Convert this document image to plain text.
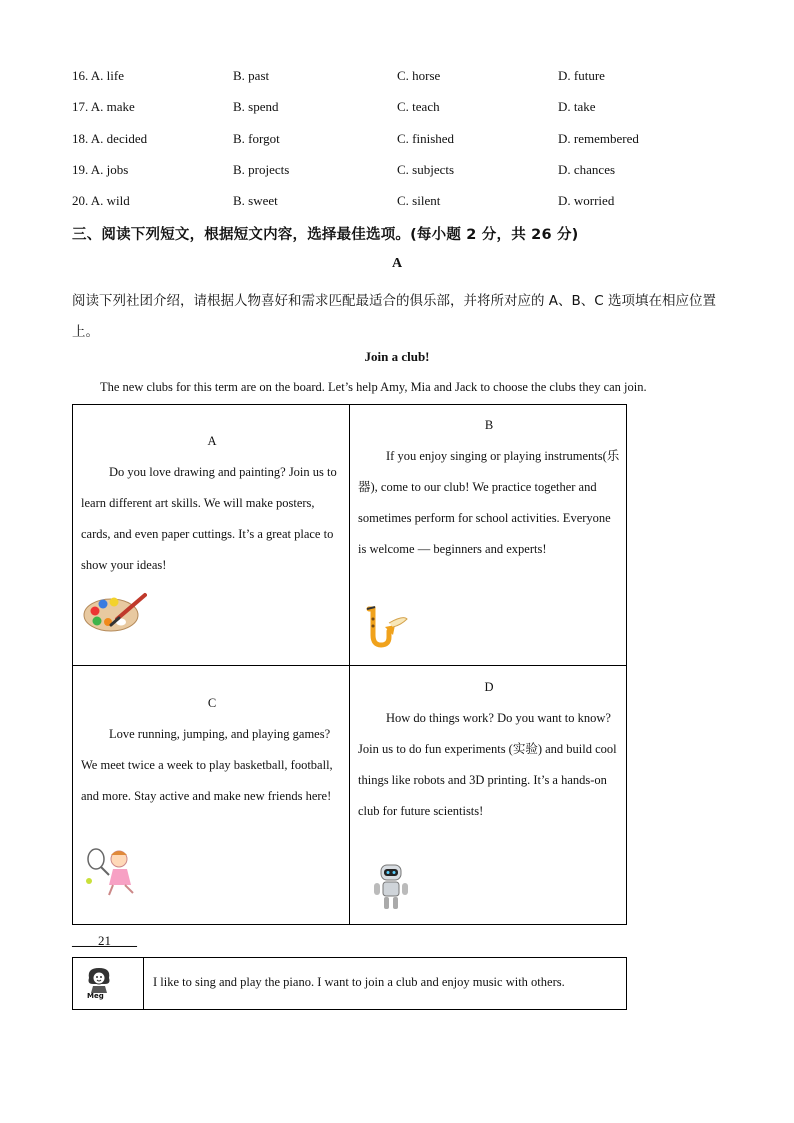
16. A. life	B. past	C. horse	D. future
17. A. make	B. spend	C. teach	D. take
18. A. decided	B. forgot	C. finished	D. remembered
19. A. jobs	B. projects	C. subjects	D. chances
20. A. wild	B. sweet	C. silent	D. worried
三、阅读下列短文，根据短文内容，选择最佳选项。(每小题 2 分，共 26 分)
A
阅读下列社团介绍，请根据人物喜好和需求匹配最适合的俱乐部，并将所对应的 A、B、C 选项填在相应位置上。
Join a club!
The new clubs for this term are on the board. Let’s help Amy, Mia and Jack to choose the clubs they can join.
A
Do you love drawing and painting? Join us to learn different art skills. We will make posters, cards, and even paper cuttings. It’s a great place to show your ideas!
B
If you enjoy singing or playing instruments(乐器), come to our club! We practice together and sometimes perform for school activities. Everyone is welcome — beginners and experts!
C
Love running, jumping, and playing games? We meet twice a week to play basketball, football, and more. Stay active and make new friends here!
D
How do things work? Do you want to know? Join us to do fun experiments (实验) and build cool things like robots and 3D printing. It’s a hands-on club for future scientists!
____21____
Meg
I like to sing and play the piano. I want to join a club and enjoy music with others.
